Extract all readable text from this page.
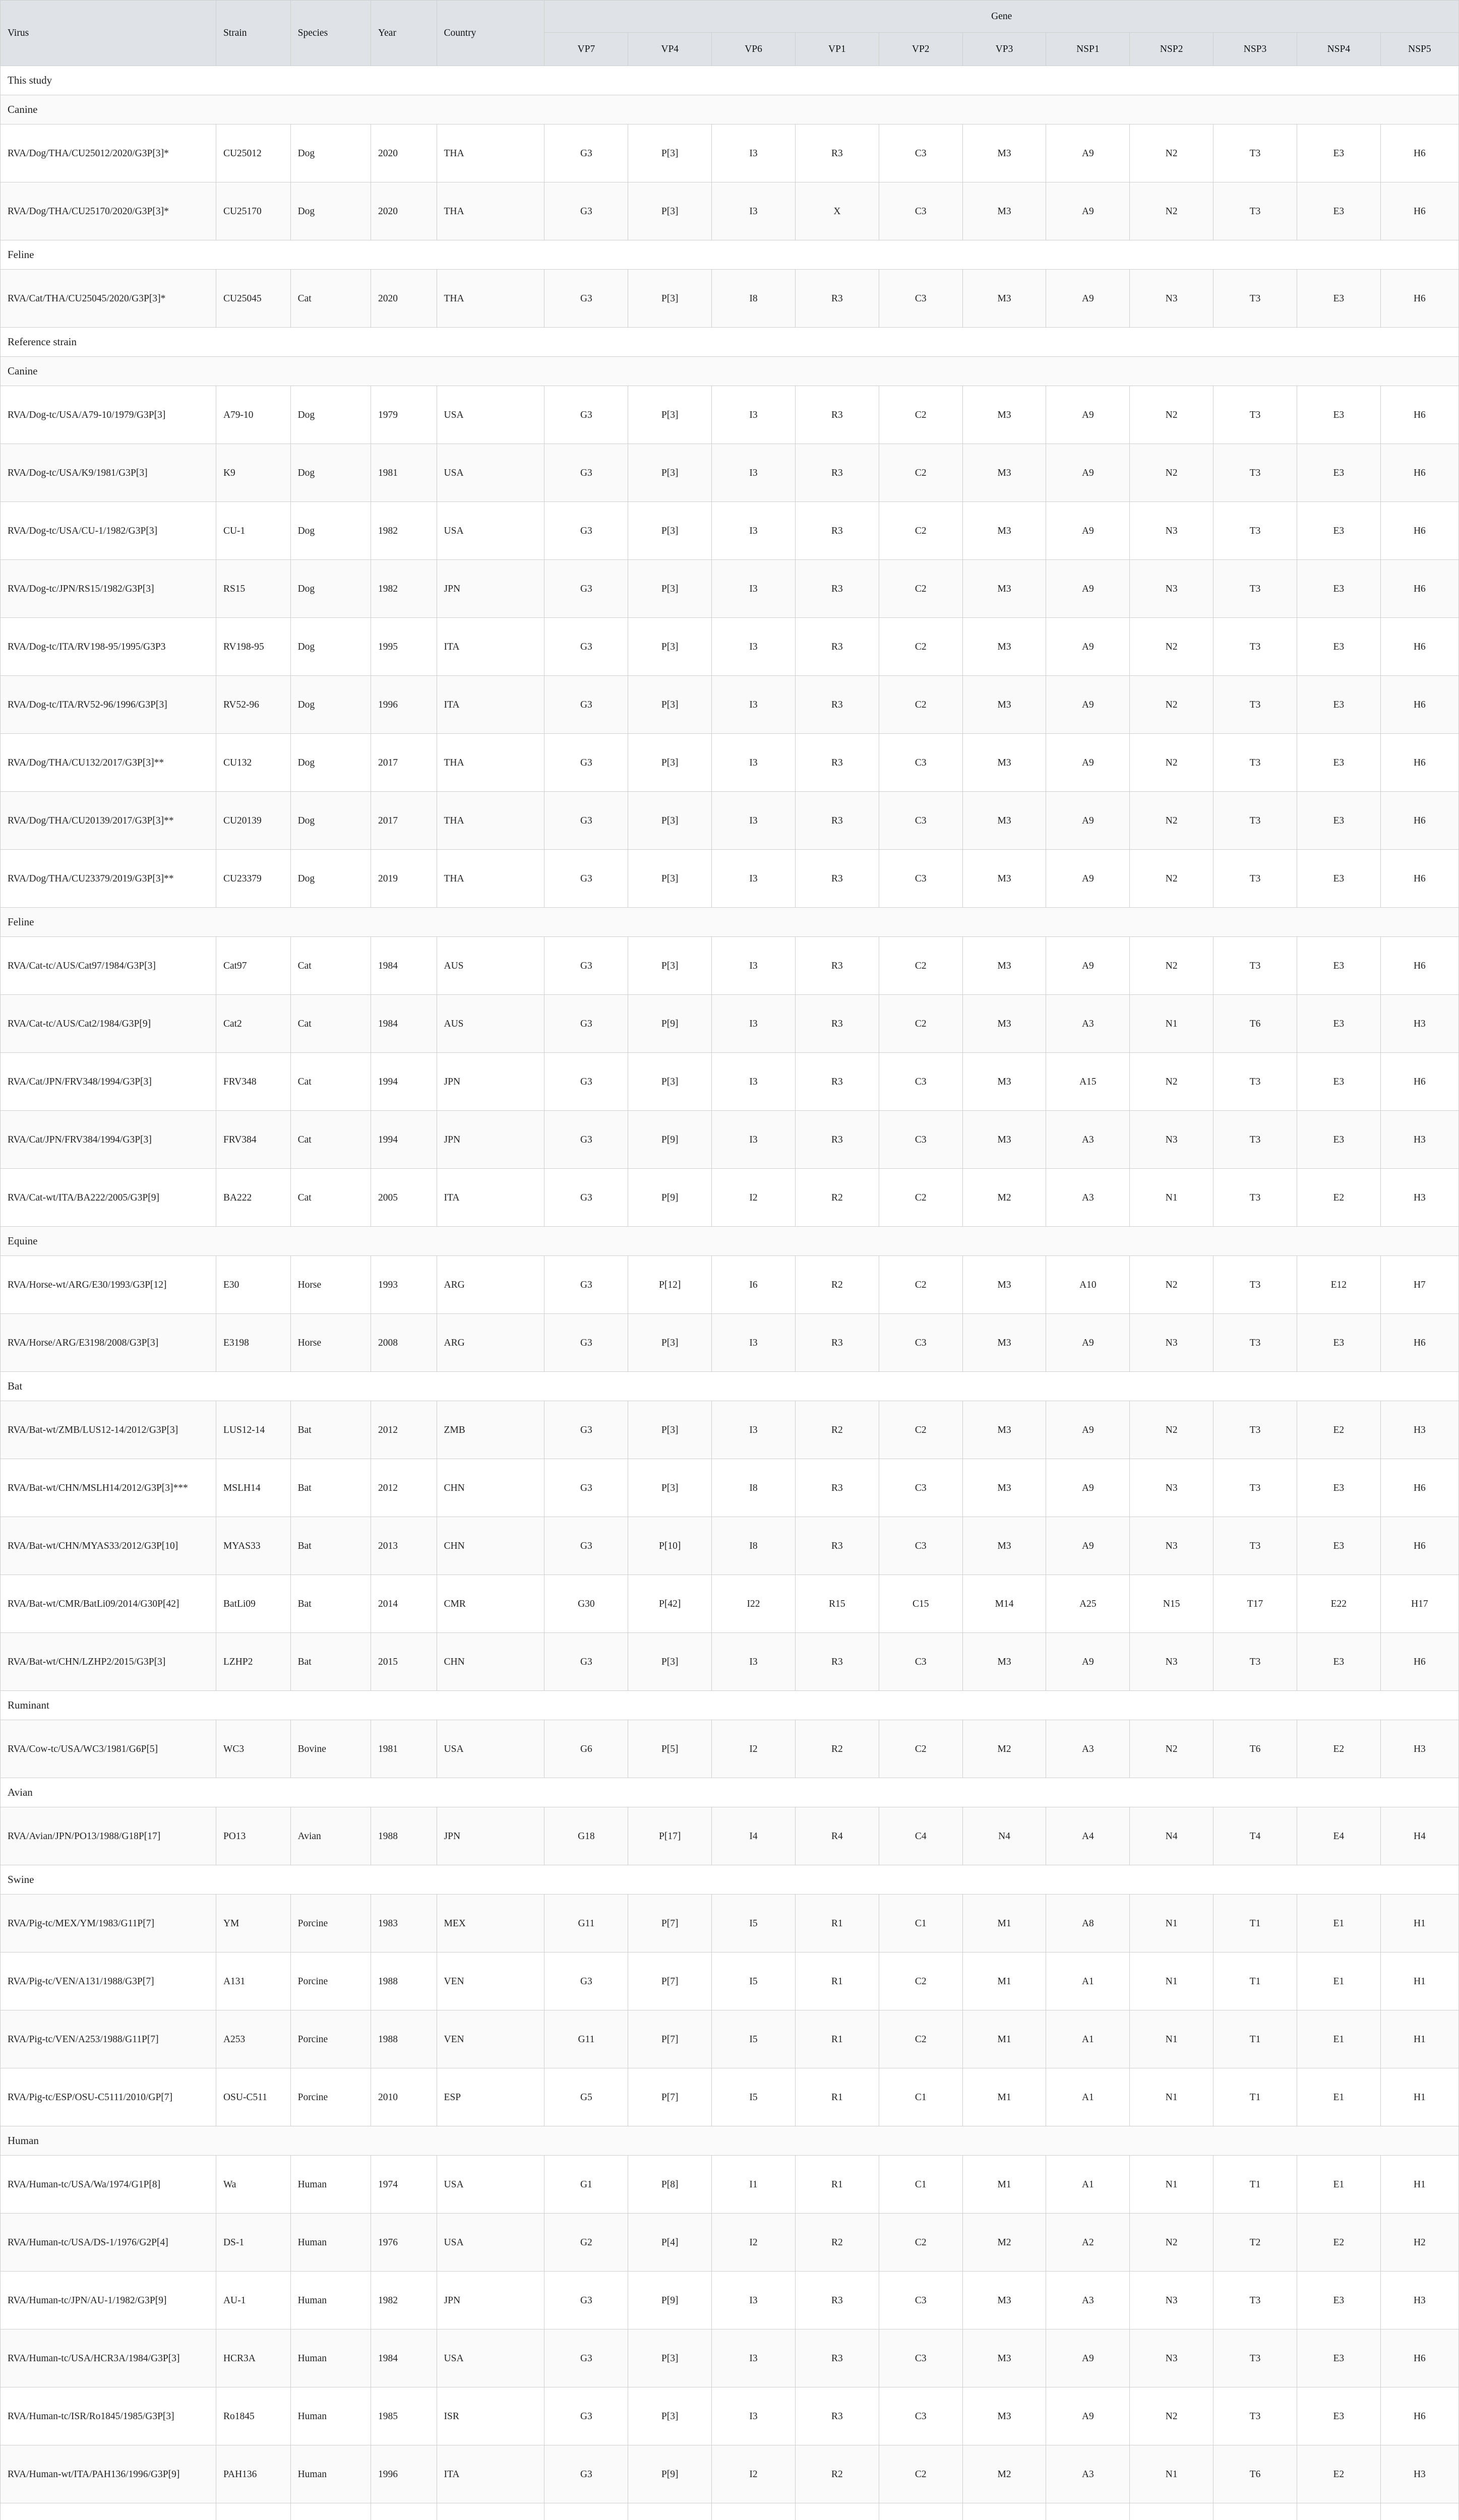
Virus	Strain	Species	Year	Country	Gene										
					VP7	VP4	VP6	VP1	VP2	VP3	NSP1	NSP2	NSP3	NSP4	NSP5
This study															
Canine															
RVA/Dog/THA/CU25012/2020/G3P[3]*	CU25012	Dog	2020	THA	G3	P[3]	I3	R3	C3	M3	A9	N2	T3	E3	H6
RVA/Dog/THA/CU25170/2020/G3P[3]*	CU25170	Dog	2020	THA	G3	P[3]	I3	X	C3	M3	A9	N2	T3	E3	H6
Feline															
RVA/Cat/THA/CU25045/2020/G3P[3]*	CU25045	Cat	2020	THA	G3	P[3]	I8	R3	C3	M3	A9	N3	T3	E3	H6
Reference strain															
Canine															
RVA/Dog-tc/USA/A79-10/1979/G3P[3]	A79-10	Dog	1979	USA	G3	P[3]	I3	R3	C2	M3	A9	N2	T3	E3	H6
RVA/Dog-tc/USA/K9/1981/G3P[3]	K9	Dog	1981	USA	G3	P[3]	I3	R3	C2	M3	A9	N2	T3	E3	H6
RVA/Dog-tc/USA/CU-1/1982/G3P[3]	CU-1	Dog	1982	USA	G3	P[3]	I3	R3	C2	M3	A9	N3	T3	E3	H6
RVA/Dog-tc/JPN/RS15/1982/G3P[3]	RS15	Dog	1982	JPN	G3	P[3]	I3	R3	C2	M3	A9	N3	T3	E3	H6
RVA/Dog-tc/ITA/RV198-95/1995/G3P3	RV198-95	Dog	1995	ITA	G3	P[3]	I3	R3	C2	M3	A9	N2	T3	E3	H6
RVA/Dog-tc/ITA/RV52-96/1996/G3P[3]	RV52-96	Dog	1996	ITA	G3	P[3]	I3	R3	C2	M3	A9	N2	T3	E3	H6
RVA/Dog/THA/CU132/2017/G3P[3]**	CU132	Dog	2017	THA	G3	P[3]	I3	R3	C3	M3	A9	N2	T3	E3	H6
RVA/Dog/THA/CU20139/2017/G3P[3]**	CU20139	Dog	2017	THA	G3	P[3]	I3	R3	C3	M3	A9	N2	T3	E3	H6
RVA/Dog/THA/CU23379/2019/G3P[3]**	CU23379	Dog	2019	THA	G3	P[3]	I3	R3	C3	M3	A9	N2	T3	E3	H6
Feline															
RVA/Cat-tc/AUS/Cat97/1984/G3P[3]	Cat97	Cat	1984	AUS	G3	P[3]	I3	R3	C2	M3	A9	N2	T3	E3	H6
RVA/Cat-tc/AUS/Cat2/1984/G3P[9]	Cat2	Cat	1984	AUS	G3	P[9]	I3	R3	C2	M3	A3	N1	T6	E3	H3
RVA/Cat/JPN/FRV348/1994/G3P[3]	FRV348	Cat	1994	JPN	G3	P[3]	I3	R3	C3	M3	A15	N2	T3	E3	H6
RVA/Cat/JPN/FRV384/1994/G3P[3]	FRV384	Cat	1994	JPN	G3	P[9]	I3	R3	C3	M3	A3	N3	T3	E3	H3
RVA/Cat-wt/ITA/BA222/2005/G3P[9]	BA222	Cat	2005	ITA	G3	P[9]	I2	R2	C2	M2	A3	N1	T3	E2	H3
Equine															
RVA/Horse-wt/ARG/E30/1993/G3P[12]	E30	Horse	1993	ARG	G3	P[12]	I6	R2	C2	M3	A10	N2	T3	E12	H7
RVA/Horse/ARG/E3198/2008/G3P[3]	E3198	Horse	2008	ARG	G3	P[3]	I3	R3	C3	M3	A9	N3	T3	E3	H6
Bat															
RVA/Bat-wt/ZMB/LUS12-14/2012/G3P[3]	LUS12-14	Bat	2012	ZMB	G3	P[3]	I3	R2	C2	M3	A9	N2	T3	E2	H3
RVA/Bat-wt/CHN/MSLH14/2012/G3P[3]***	MSLH14	Bat	2012	CHN	G3	P[3]	I8	R3	C3	M3	A9	N3	T3	E3	H6
RVA/Bat-wt/CHN/MYAS33/2012/G3P[10]	MYAS33	Bat	2013	CHN	G3	P[10]	I8	R3	C3	M3	A9	N3	T3	E3	H6
RVA/Bat-wt/CMR/BatLi09/2014/G30P[42]	BatLi09	Bat	2014	CMR	G30	P[42]	I22	R15	C15	M14	A25	N15	T17	E22	H17
RVA/Bat-wt/CHN/LZHP2/2015/G3P[3]	LZHP2	Bat	2015	CHN	G3	P[3]	I3	R3	C3	M3	A9	N3	T3	E3	H6
Ruminant															
RVA/Cow-tc/USA/WC3/1981/G6P[5]	WC3	Bovine	1981	USA	G6	P[5]	I2	R2	C2	M2	A3	N2	T6	E2	H3
Avian															
RVA/Avian/JPN/PO13/1988/G18P[17]	PO13	Avian	1988	JPN	G18	P[17]	I4	R4	C4	N4	A4	N4	T4	E4	H4
Swine															
RVA/Pig-tc/MEX/YM/1983/G11P[7]	YM	Porcine	1983	MEX	G11	P[7]	I5	R1	C1	M1	A8	N1	T1	E1	H1
RVA/Pig-tc/VEN/A131/1988/G3P[7]	A131	Porcine	1988	VEN	G3	P[7]	I5	R1	C2	M1	A1	N1	T1	E1	H1
RVA/Pig-tc/VEN/A253/1988/G11P[7]	A253	Porcine	1988	VEN	G11	P[7]	I5	R1	C2	M1	A1	N1	T1	E1	H1
RVA/Pig-tc/ESP/OSU-C5111/2010/GP[7]	OSU-C511	Porcine	2010	ESP	G5	P[7]	I5	R1	C1	M1	A1	N1	T1	E1	H1
Human															
RVA/Human-tc/USA/Wa/1974/G1P[8]	Wa	Human	1974	USA	G1	P[8]	I1	R1	C1	M1	A1	N1	T1	E1	H1
RVA/Human-tc/USA/DS-1/1976/G2P[4]	DS-1	Human	1976	USA	G2	P[4]	I2	R2	C2	M2	A2	N2	T2	E2	H2
RVA/Human-tc/JPN/AU-1/1982/G3P[9]	AU-1	Human	1982	JPN	G3	P[9]	I3	R3	C3	M3	A3	N3	T3	E3	H3
RVA/Human-tc/USA/HCR3A/1984/G3P[3]	HCR3A	Human	1984	USA	G3	P[3]	I3	R3	C3	M3	A9	N3	T3	E3	H6
RVA/Human-tc/ISR/Ro1845/1985/G3P[3]	Ro1845	Human	1985	ISR	G3	P[3]	I3	R3	C3	M3	A9	N2	T3	E3	H6
RVA/Human-wt/ITA/PAH136/1996/G3P[9]	PAH136	Human	1996	ITA	G3	P[9]	I2	R2	C2	M2	A3	N1	T6	E2	H3
